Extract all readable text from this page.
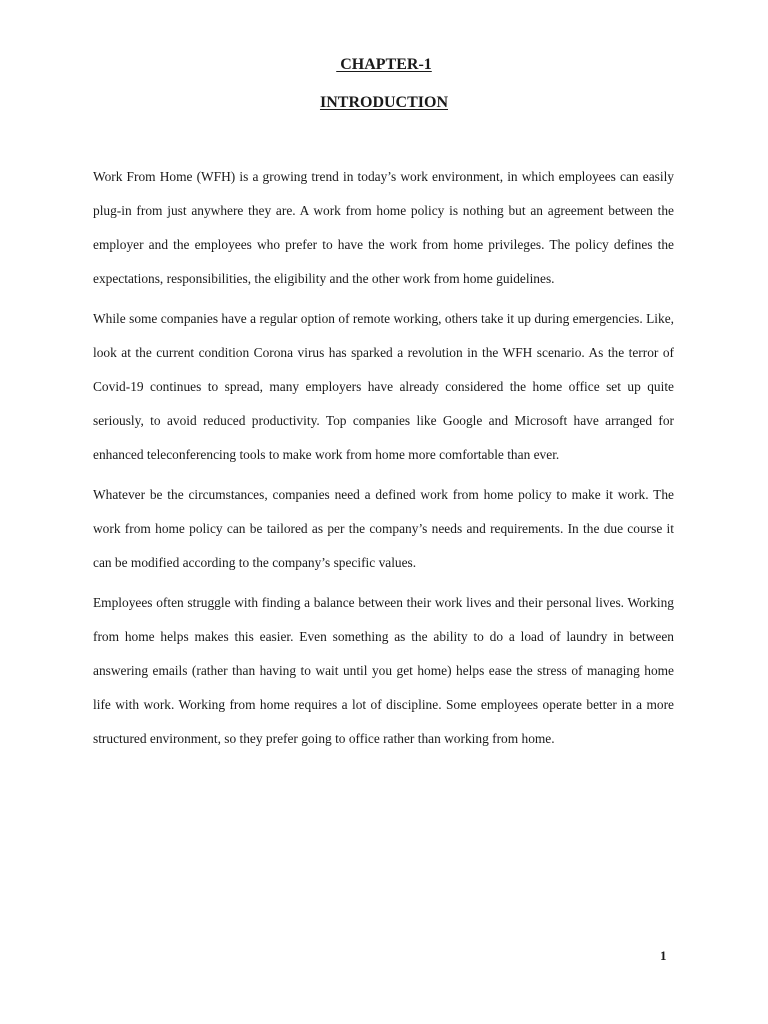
CHAPTER-1
INTRODUCTION

Work From Home (WFH) is a growing trend in today’s work environment, in which employees can easily plug-in from just anywhere they are. A work from home policy is nothing but an agreement between the employer and the employees who prefer to have the work from home privileges. The policy defines the expectations, responsibilities, the eligibility and the other work from home guidelines.

While some companies have a regular option of remote working, others take it up during emergencies. Like, look at the current condition Corona virus has sparked a revolution in the WFH scenario. As the terror of Covid-19 continues to spread, many employers have already considered the home office set up quite seriously, to avoid reduced productivity. Top companies like Google and Microsoft have arranged for enhanced teleconferencing tools to make work from home more comfortable than ever.

Whatever be the circumstances, companies need a defined work from home policy to make it work. The work from home policy can be tailored as per the company’s needs and requirements. In the due course it can be modified according to the company’s specific values.

Employees often struggle with finding a balance between their work lives and their personal lives. Working from home helps makes this easier. Even something as the ability to do a load of laundry in between answering emails (rather than having to wait until you get home) helps ease the stress of managing home life with work. Working from home requires a lot of discipline. Some employees operate better in a more structured environment, so they prefer going to office rather than working from home.

1
